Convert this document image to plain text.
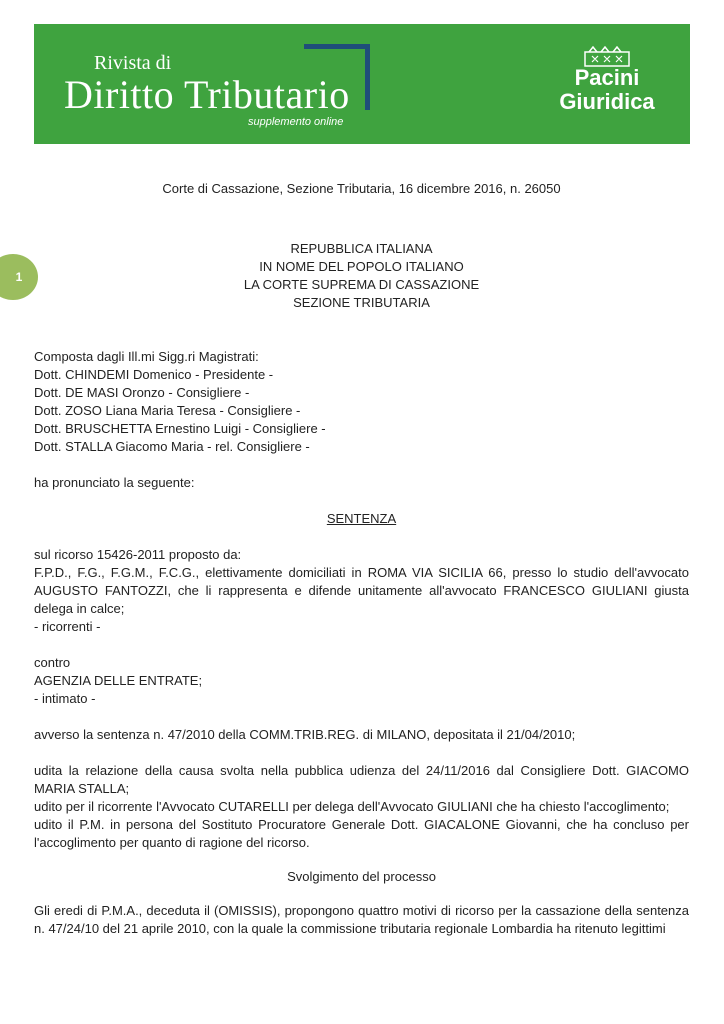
Rivista di
Diritto Tributario
supplemento online
Pacini
Giuridica
1

Corte di Cassazione, Sezione Tributaria, 16 dicembre 2016, n. 26050

REPUBBLICA ITALIANA

IN NOME DEL POPOLO ITALIANO

LA CORTE SUPREMA DI CASSAZIONE

SEZIONE TRIBUTARIA

Composta dagli Ill.mi Sigg.ri Magistrati:

Dott. CHINDEMI Domenico - Presidente -

Dott. DE MASI Oronzo - Consigliere -

Dott. ZOSO Liana Maria Teresa - Consigliere -

Dott. BRUSCHETTA Ernestino Luigi - Consigliere -

Dott. STALLA Giacomo Maria - rel. Consigliere -

ha pronunciato la seguente:

SENTENZA

sul ricorso 15426-2011 proposto da:

F.P.D., F.G., F.G.M., F.C.G., elettivamente domiciliati in ROMA VIA SICILIA 66, presso lo studio dell'avvocato AUGUSTO FANTOZZI, che li rappresenta e difende unitamente all'avvocato FRANCESCO GIULIANI giusta delega in calce;

- ricorrenti -

contro

AGENZIA DELLE ENTRATE;

- intimato -

avverso la sentenza n. 47/2010 della COMM.TRIB.REG. di MILANO, depositata il 21/04/2010;

udita la relazione della causa svolta nella pubblica udienza del 24/11/2016 dal Consigliere Dott. GIACOMO MARIA STALLA;

udito per il ricorrente l'Avvocato CUTARELLI per delega dell'Avvocato GIULIANI che ha chiesto l'accoglimento;

udito il P.M. in persona del Sostituto Procuratore Generale Dott. GIACALONE Giovanni, che ha concluso per l'accoglimento per quanto di ragione del ricorso.

Svolgimento del processo

Gli eredi di P.M.A., deceduta il (OMISSIS), propongono quattro motivi di ricorso per la cassazione della sentenza n. 47/24/10 del 21 aprile 2010, con la quale la commissione tributaria regionale Lombardia ha ritenuto legittimi
